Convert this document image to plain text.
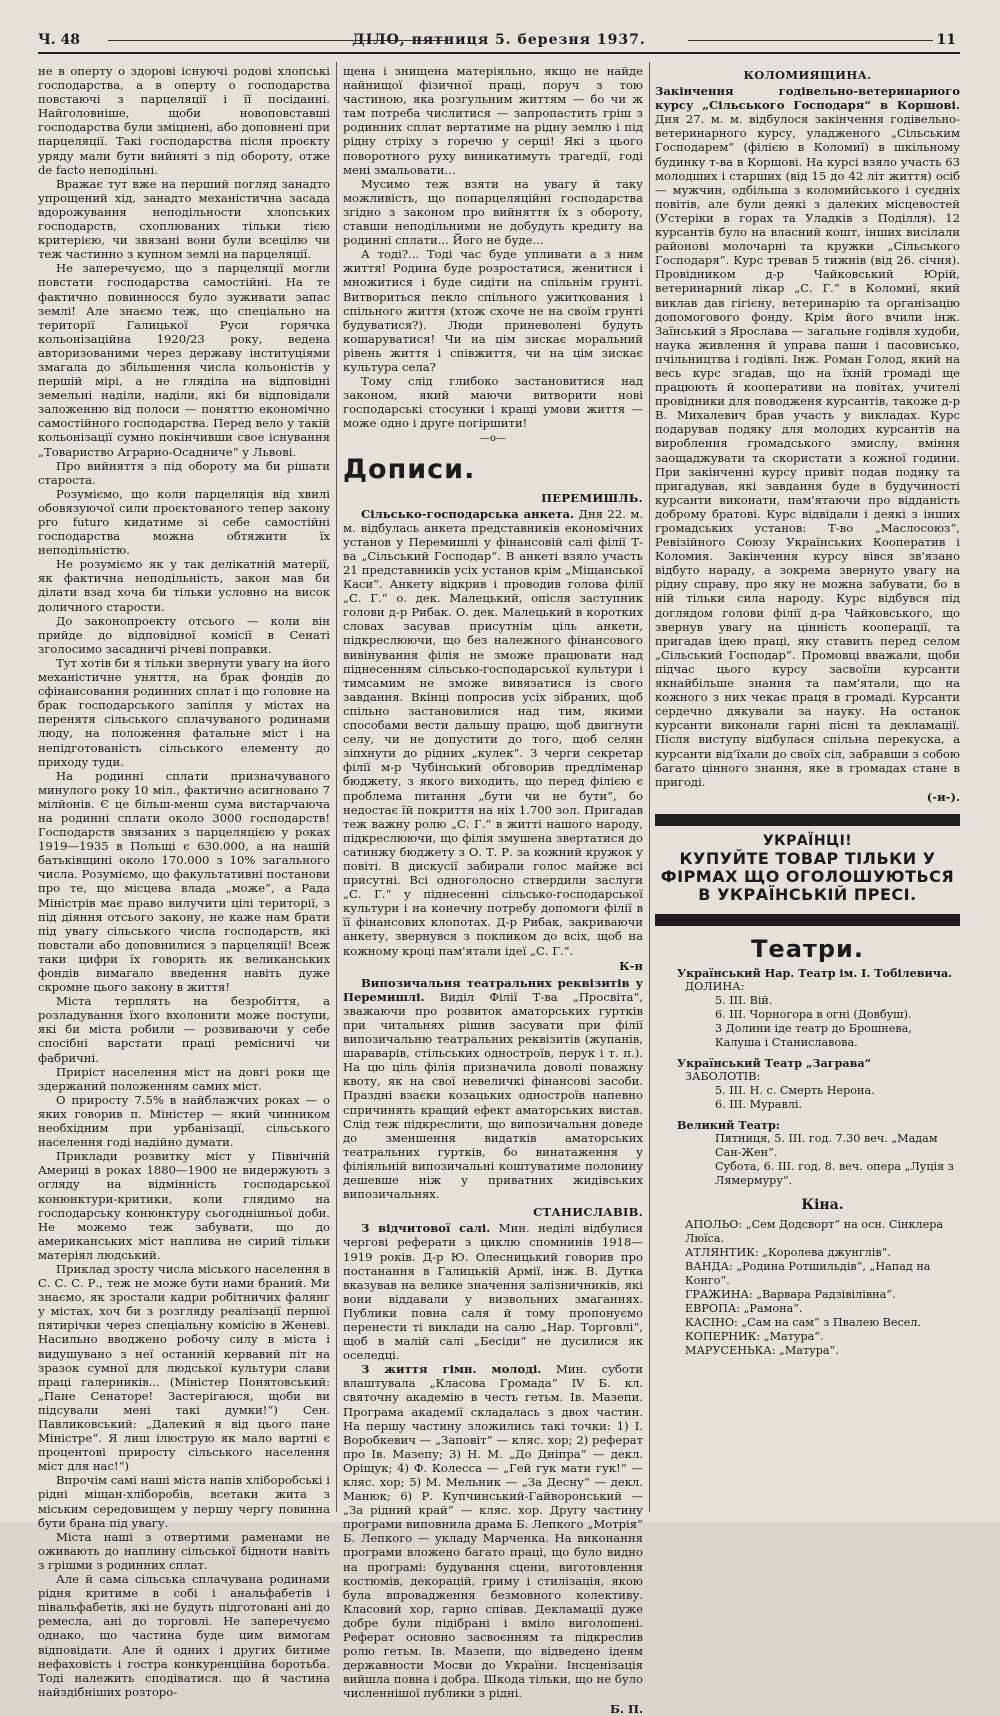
Ч. 48	ДІЛО, пятниця 5. березня 1937.	11

не в оперту о здорові існуючі родові хлопські господарства, а в оперту о господарства повстаючі з парцеляції і її посіданні. Найголовніше, щоби новоповставші господарства були зміцнені, або доповнені при парцеляції. Такі господарства після проєкту уряду мали бути вийняті з під обороту, отже de facto неподільні.

Вражає тут вже на перший погляд занадто упрощений хід, занадто механістична засада вдорожування неподільности хлопських господарств, схоплюваних тільки тією критерією, чи звязані вони були всецілю чи теж частинно з купном землі на парцеляції.

Не заперечуємо, що з парцеляції могли повстати господарства самостійні. На те фактично повинносся було зуживати запас землі! Але знаємо теж, що спеціально на території Галицької Руси горячка кольонізаційна 1920/23 року, ведена авторизованими через державу інституціями змагала до збільшення числа кольоністів у першій мірі, а не гляділа на відповідні земельні наділи, наділи, які би відповідали заложенню від полоси — поняттю економічно самостійного господарства. Перед вело у такій кольонізації сумно покінчивши свое існування „Товариство Аграрно-Осадниче“ у Львові.

Про вийняття з під обороту ма би рішати староста.

Розуміємо, що коли парцеляція від хвилі обовязуючої сили проєктованого тепер закону pro futuro кидатиме зі себе самостійні господарства можна обтяжити їх неподільністю.

Не розуміємо як у так делікатній матерії, як фактична неподільність, закон мав би ділати взад хоча би тільки условно на висок доличного старости.

До законопроекту отсього — коли він прийде до відповідної комісії в Сенаті зголосимо засадничі річеві поправки.

Тут хотів би я тільки звернути увагу на його механістичне уняття, на брак фондів до сфінансовання родинних сплат і що головне на брак господарського запілля у містах на перенятя сільського сплачуваного родинами люду, на положення фатальне міст і на непідготованість сільського елементу до приходу туди.

На родинні сплати призначуваного минулого року 10 міл., фактично асигновано 7 мілйонів. Є це більш-менш сума вистарчаюча на родинні сплати около 3000 господарств! Господарств звязаних з парцеляцією у роках 1919—1935 в Польщі є 630.000, а на нашій батьківщині около 170.000 з 10% загального числа. Розуміємо, що факультативні постанови про те, що місцева влада „може“, а Рада Міністрів має право вилучити цілі території, з під діяння отсього закону, не каже нам брати під увагу сільського числа господарств, які повстали або доповнилися з парцеляції! Всеж таки цифри їх говорять як великанських фондів вимагало введення навіть дуже скромне цього закону в життя!

Міста терплять на безробіття, а розладування їхого вхолонити може поступи, які би міста робили — розвиваючи у себе спосібні варстати праці ремісничі чи фабричні.

Приріст населення міст на довгі роки ще здержаний положенням самих міст.

О приросту 7.5% в найблажчих роках — о яких говорив п. Міністер — який чинником необхідним при урбанізації, сільського населення годі надійно думати.

Приклади розвитку міст у Північній Америці в роках 1880—1900 не видержують з огляду на відмінність господарської конюнктури-критики, коли глядимо на господарську конюнктуру сьогоднішньої доби. Не можемо теж забувати, що до американських міст наплива не сирий тільки матеріял людський.

Приклад зросту числа міського населення в С. С. С. Р., теж не може бути нами браний. Ми знаємо, як зростали кадри робітничих фалянг у містах, хоч би з розгляду реалізації першої пятирічки через спеціальну комісію в Женеві. Насильно вводжено робочу силу в міста і видушувано з неї останній кервавий піт на зразок сумної для людської культури слави праці галерників... (Міністер Понятовський: „Пане Сенаторе! Застерігаюся, щоби ви підсували мені такі думки!“) Сен. Павликовський: „Далекий я від цього пане Міністре“. Я лиш ілюструю як мало вартні є процентові приросту сільського населення міст для нас!“)

Впрочім самі наші міста напів хліборобські і рідні міщан-хліборобів, всетаки жита з міським середовищем у першу чергу повинна бути брана під увагу.

Міста наші з отвертими раменами не оживають до наплину сільської бідноти навіть з грішми з родинних сплат.

Але й сама сільська сплачувана родинами рідня критиме в собі і анальфабетів і півальфабетів, які не будуть підготовані ані до ремесла, ані до торговлі. Не заперечуємо однако, що частина буде цим вимогам відповідати. Але й одних і других битиме нефаховість і гостра конкуренційна боротьба. Тоді належить сподіватися. що й частина найздібніших розторо-

щена і знищена матеріяльно, якщо не найде найнищої фізичної праці, поруч з тою частиною, яка розгульним життям — бо чи ж там потребa числитися — запропастить гріш з родинних сплат вертатиме на рідну землю і під рідну стріху з горечю у серці! Які з цього поворотного руху виникатимуть трагедії, годі мені змальовати...

Мусимо теж взяти на увагу й таку можливість, що попарцеляційні господарства згідно з законом про вийняття їх з обороту, ставши неподільними не добудуть кредиту на родинні сплати... Його не буде...

А тоді?... Тоді час буде упливати а з ним життя! Родина буде розростатися, женитися і множитися і буде сидіти на спільнім грунті. Витвориться пекло спільного ужиткования і спільного життя (хтож схоче не на своїм грунті будуватися?). Люди приневолені будуть кошаруватися! Чи на цім зискає моральний рівень життя і співжиття, чи на цім зискає культура села?

Тому слід глибоко застановитися над законом, який маючи витворити нові господарські стосунки і кращі умови життя — може одно і друге погіршити!

—o—
Дописи.
ПЕРЕМИШЛЬ.

Сільсько-господарська анкета. Дня 22. м. м. відбулась анкета представників економічних установ у Перемишлі у фінансовій салі філії Т-ва „Сільський Господар“. В анкеті взяло участь 21 представників усіх установ крім „Міщанської Каси“. Анкету відкрив і проводив голова філії „С. Г.“ о. дек. Малецький, опісля заступник голови д-р Рибак. О. дек. Малецький в коротких словах засував присутнім ціль анкети, підкреслюючи, що без належного фінансового вивінування філія не зможе працювати над піднесенням сільсько-господарської культури і тимсамим не зможе вивязатися із свого завдання. Вкінці попросив усіх зібраних, щоб спільно застановилися над тим, якими способами вести дальшу працю, щоб двигнути селу, чи не допустити до того, щоб селян зіпхнути до рідних „кулек“. З черги секретар філії м-р Чубінський обговорив предліменар бюджету, з якого виходить, що перед філією є проблема питання „бути чи не бути“, бо недостає їй покриття на ніх 1.700 зол. Пригадав теж важну ролю „С. Г.“ в житті нашого народу, підкреслюючи, що філія змушена звертатися до сатинжу бюджету з О. Т. Р. за кожний кружок у повіті. В дискусії забирали голос майже всі присутні. Всі одноголосно ствердили заслуги „С. Г.“ у піднесенні сільсько-господарської культури і на конечну потребу допомоги філії в її фінансових клопотах. Д-р Рибак, закриваючи анкету, звернувся з покликом до всіх, щоб на кожному кроці пам'ятали ідеї „С. Г.“.

К-н

Випозичальня театральних реквізитів у Перемишлі. Виділ Філії Т-ва „Просвіта“, зважаючи про розвиток аматорських гуртків при читальнях рішив засувати при філії випозичальню театральних реквізитів (жупанів, шараварів, стільських одностроїв, перук і т. п.). На цю ціль філія призначила доволі поважну квоту, як на свої невеличкі фінансові засоби. Праздні взаєки козацьких одностроїв напевно спричинять кращий ефект аматорських вистав. Слід теж підкреслити, що випозичальня доведе до зменшення видатків аматорських театральних гуртків, бо винатаження у філіяльній випозичальні коштуватиме половину дешевше ніж у приватних жидівських випозичальнях.

СТАНИСЛАВІВ.

З відчитової салі. Мин. неділі відбулися чергові реферати з циклю спомнинів 1918—1919 років. Д-р Ю. Олесницький говорив про постанання в Галицькій Армії, інж. В. Дутка вказував на велике значення залізничників, які вони віддавали у визвольних змаганнях. Публики повна саля й тому пропонуємо перенести ті виклади на салю „Нар. Торговлі“, щоб в малій салі „Бесіди“ не дусилися як оселедці.

З життя гімн. молоді. Мин. суботи влаштувала „Класова Громада“ IV Б. кл. святочну академію в честь гетьм. Ів. Мазепи. Програма академії складалась з двох частин. На першу частину зложились такі точки: 1) І. Воробкевич — „Заповіт“ — кляс. хор; 2) реферат про Ів. Мазепу; 3) Н. М. „До Дніпра“ — декл. Оріщук; 4) Ф. Колесса — „Гей гук мати гук!“ — кляс. хор; 5) М. Мельник — „За Десну“ — декл. Манюк; 6) Р. Купчинський-Гайворонський — „За рідний край“ — кляс. хор. Другу частину програми виповнила драма Б. Лепкого „Мотрія“ Б. Лепкого — укладу Марченка. На виконання програми вложено багато праці, що було видно на програмі: будування сцени, виготовлення костюмів, декорацій, гриму і стилізація, якою була впровадження безмовного колективу. Класовий хор, гарно співав. Декламації дуже добре були підібрані і вміло виголошені. Реферат основно засвоєнням та підкреслив ролю гетьм. Ів. Мазепи, що відведено ідеям державности Мосви до України. Інсценізація вийшла повна і добра. Шкода тільки, що не було численнішої публики з рідні.

Б. П.
КОЛОМИЯЩИНА.

Закінчення годівельно-ветеринарного курсу „Сільського Господаря“ в Коршові. Дня 27. м. м. відбулося закінчення годівельно-ветеринарного курсу, уладженого „Сільським Господарем“ (філією в Коломиї) в шкільному будинку т-ва в Коршові. На курсі взяло участь 63 молодших і старших (від 15 до 42 літ життя) осіб — мужчин, одбільша з коломийського і суєдніх повітів, але були деякі з далеких місцевостей (Устеріки в горах та Уладків з Поділля). 12 курсантів було на власний кошт, інших висілали районові молочарні та кружки „Сільського Господаря“. Курс тревав 5 тижнів (від 26. січня). Провідником д-р Чайковський Юрій, ветеринарний лікар „С. Г.“ в Коломиї, який виклав дав гігієну, ветеринарію та організацію допомогового фонду. Крім його вчили інж. Заїнський з Ярослава — загальне годівля худоби, наукa живлення й управа паши і пасовисько, пчільництва і годівлі. Інж. Роман Голод, який на весь курс згадав, що на їхній громаді ще працюють й кооперативи на повітах, учителі провідники для поводженя курсантів, такоже д-р В. Михалевич брав участь у викладах. Курс подарував подяку для молодих курсантів на вироблення громадського змислу, вміння заощаджувати та скористати з кожної години. При закінченні курсу привіт подав подяку та пригадував, які завдання буде в будучиності курсанти виконати, пам'ятаючи про відданість доброму братові. Курс відвідали і деякі з інших громадських установ: Т-во „Маслосоюз“, Ревізійного Союзу Українських Кооператив і Коломия. Закінчення курсу вівся зв'язано відбуто нараду, а зокрема звернуто увагу на рідну справу, про яку не можна забувати, бо в ній тільки сила народу. Курс відбувся під доглядом голови філії д-ра Чайковського, що звернув увагу на цінність кооперації, та пригадав ідею праці, яку ставить перед селом „Сільський Господар“. Промовці вважали, щоби підчас цього курсу засвоїли курсанти якнайбільше знання та пам'ятали, що на кожного з них чекає праця в громаді. Курсанти сердечно дякували за науку. На останок курсанти виконали гарні пісні та декламації. Після виступу відбулася спільна перекуска, а курсанти від’їхали до своїх сіл, забравши з собою багато цінного знання, яке в громадах стане в пригоді.

(-и-).
УКРАЇНЦІ!
КУПУЙТЕ ТОВАР ТІЛЬКИ У ФІРМАХ ЩО ОГОЛОШУЮТЬСЯ В УКРАЇНСЬКІЙ ПРЕСІ.
Театри.
Український Нар. Театр ім. І. Тобілевича.
ДОЛИНА:
5. III. Вій.
6. III. Чорногора в огні (Довбуш).
3 Долини іде театр до Брошнева, Калуша і Станиславова.
Український Театр „Заграва“
ЗАБОЛОТІВ:
5. III. Н. с. Смерть Нерона.
6. III. Муравлі.
Великий Театр:
Пятниця, 5. III. год. 7.30 веч. „Мадам Сан-Жен“.
Субота, 6. III. год. 8. веч. опера „Луція з Лямермуру“.
Кіна.
АПОЛЬО: „Сем Додсворт“ на осн. Сінклера Люїса.
АТЛЯНТИК: „Королева джунглів“.
ВАНДА: „Родина Ротшильдів“, „Напад на Конго“.
ГРАЖИНА: „Варвара Радзівілівна“.
ЕВРОПА: „Рамона“.
КАСІНО: „Сам на сам“ з Пвалею Весел.
КОПЕРНИК: „Матура“.
МАРУСЕНЬКА: „Матура“.
